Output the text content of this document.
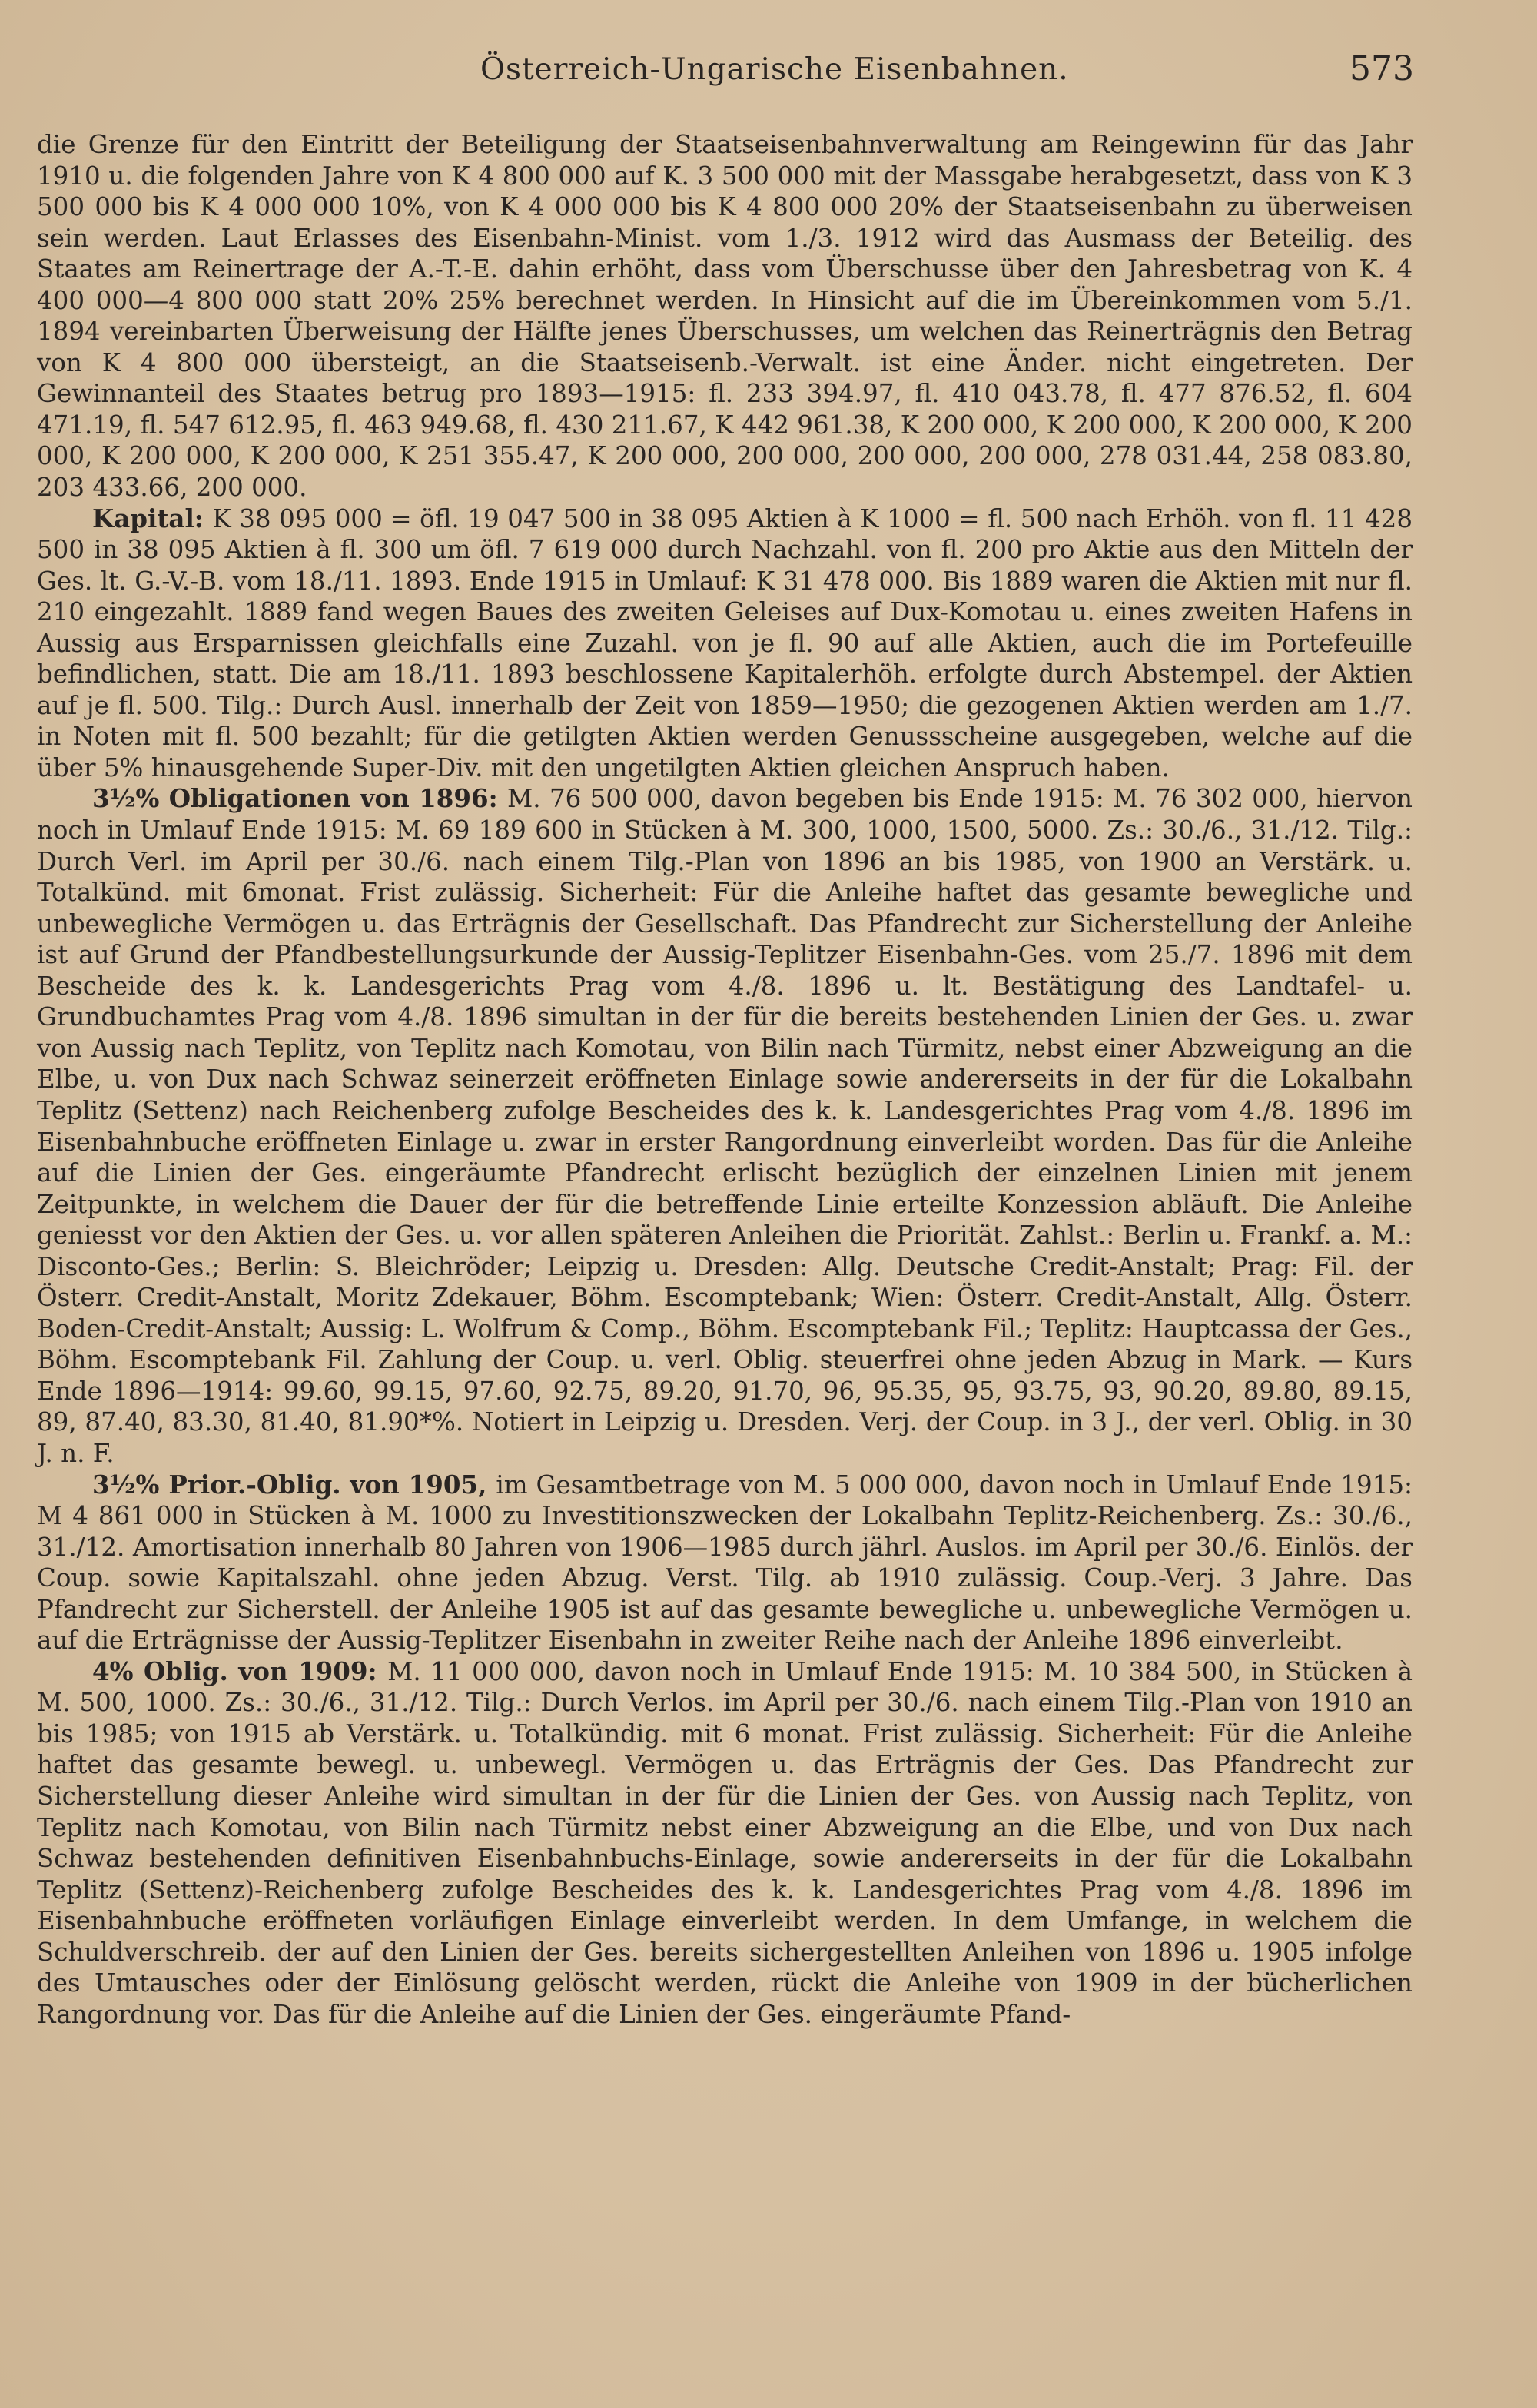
Österreich-Ungarische Eisenbahnen.	573

die Grenze für den Eintritt der Beteiligung der Staatseisenbahnverwaltung am Reingewinn für das Jahr 1910 u. die folgenden Jahre von K 4 800 000 auf K. 3 500 000 mit der Massgabe herabgesetzt, dass von K 3 500 000 bis K 4 000 000 10%, von K 4 000 000 bis K 4 800 000 20% der Staatseisenbahn zu überweisen sein werden. Laut Erlasses des Eisenbahn-Minist. vom 1./3. 1912 wird das Ausmass der Beteilig. des Staates am Reinertrage der A.-T.-E. dahin erhöht, dass vom Überschusse über den Jahresbetrag von K. 4 400 000—4 800 000 statt 20% 25% berechnet werden. In Hinsicht auf die im Übereinkommen vom 5./1. 1894 vereinbarten Überweisung der Hälfte jenes Überschusses, um welchen das Reinerträgnis den Betrag von K 4 800 000 übersteigt, an die Staatseisenb.-Verwalt. ist eine Änder. nicht eingetreten. Der Gewinnanteil des Staates betrug pro 1893—1915: fl. 233 394.97, fl. 410 043.78, fl. 477 876.52, fl. 604 471.19, fl. 547 612.95, fl. 463 949.68, fl. 430 211.67, K 442 961.38, K 200 000, K 200 000, K 200 000, K 200 000, K 200 000, K 200 000, K 251 355.47, K 200 000, 200 000, 200 000, 200 000, 278 031.44, 258 083.80, 203 433.66, 200 000.

Kapital: K 38 095 000 = öfl. 19 047 500 in 38 095 Aktien à K 1000 = fl. 500 nach Erhöh. von fl. 11 428 500 in 38 095 Aktien à fl. 300 um öfl. 7 619 000 durch Nachzahl. von fl. 200 pro Aktie aus den Mitteln der Ges. lt. G.-V.-B. vom 18./11. 1893. Ende 1915 in Umlauf: K 31 478 000. Bis 1889 waren die Aktien mit nur fl. 210 eingezahlt. 1889 fand wegen Baues des zweiten Geleises auf Dux-Komotau u. eines zweiten Hafens in Aussig aus Ersparnissen gleichfalls eine Zuzahl. von je fl. 90 auf alle Aktien, auch die im Portefeuille befindlichen, statt. Die am 18./11. 1893 beschlossene Kapitalerhöh. erfolgte durch Abstempel. der Aktien auf je fl. 500. Tilg.: Durch Ausl. innerhalb der Zeit von 1859—1950; die gezogenen Aktien werden am 1./7. in Noten mit fl. 500 bezahlt; für die getilgten Aktien werden Genussscheine ausgegeben, welche auf die über 5% hinausgehende Super-Div. mit den ungetilgten Aktien gleichen Anspruch haben.

3½% Obligationen von 1896: M. 76 500 000, davon begeben bis Ende 1915: M. 76 302 000, hiervon noch in Umlauf Ende 1915: M. 69 189 600 in Stücken à M. 300, 1000, 1500, 5000. Zs.: 30./6., 31./12. Tilg.: Durch Verl. im April per 30./6. nach einem Tilg.-Plan von 1896 an bis 1985, von 1900 an Verstärk. u. Totalkünd. mit 6monat. Frist zulässig. Sicherheit: Für die Anleihe haftet das gesamte bewegliche und unbewegliche Vermögen u. das Erträgnis der Gesellschaft. Das Pfandrecht zur Sicherstellung der Anleihe ist auf Grund der Pfandbestellungsurkunde der Aussig-Teplitzer Eisenbahn-Ges. vom 25./7. 1896 mit dem Bescheide des k. k. Landesgerichts Prag vom 4./8. 1896 u. lt. Bestätigung des Landtafel- u. Grundbuchamtes Prag vom 4./8. 1896 simultan in der für die bereits bestehenden Linien der Ges. u. zwar von Aussig nach Teplitz, von Teplitz nach Komotau, von Bilin nach Türmitz, nebst einer Abzweigung an die Elbe, u. von Dux nach Schwaz seinerzeit eröffneten Einlage sowie andererseits in der für die Lokalbahn Teplitz (Settenz) nach Reichenberg zufolge Bescheides des k. k. Landesgerichtes Prag vom 4./8. 1896 im Eisenbahnbuche eröffneten Einlage u. zwar in erster Rangordnung einverleibt worden. Das für die Anleihe auf die Linien der Ges. eingeräumte Pfandrecht erlischt bezüglich der einzelnen Linien mit jenem Zeitpunkte, in welchem die Dauer der für die betreffende Linie erteilte Konzession abläuft. Die Anleihe geniesst vor den Aktien der Ges. u. vor allen späteren Anleihen die Priorität. Zahlst.: Berlin u. Frankf. a. M.: Disconto-Ges.; Berlin: S. Bleichröder; Leipzig u. Dresden: Allg. Deutsche Credit-Anstalt; Prag: Fil. der Österr. Credit-Anstalt, Moritz Zdekauer, Böhm. Escomptebank; Wien: Österr. Credit-Anstalt, Allg. Österr. Boden-Credit-Anstalt; Aussig: L. Wolfrum & Comp., Böhm. Escomptebank Fil.; Teplitz: Hauptcassa der Ges., Böhm. Escomptebank Fil. Zahlung der Coup. u. verl. Oblig. steuerfrei ohne jeden Abzug in Mark. — Kurs Ende 1896—1914: 99.60, 99.15, 97.60, 92.75, 89.20, 91.70, 96, 95.35, 95, 93.75, 93, 90.20, 89.80, 89.15, 89, 87.40, 83.30, 81.40, 81.90*%. Notiert in Leipzig u. Dresden. Verj. der Coup. in 3 J., der verl. Oblig. in 30 J. n. F.

3½% Prior.-Oblig. von 1905, im Gesamtbetrage von M. 5 000 000, davon noch in Umlauf Ende 1915: M 4 861 000 in Stücken à M. 1000 zu Investitionszwecken der Lokalbahn Teplitz-Reichenberg. Zs.: 30./6., 31./12. Amortisation innerhalb 80 Jahren von 1906—1985 durch jährl. Auslos. im April per 30./6. Einlös. der Coup. sowie Kapitalszahl. ohne jeden Abzug. Verst. Tilg. ab 1910 zulässig. Coup.-Verj. 3 Jahre. Das Pfandrecht zur Sicherstell. der Anleihe 1905 ist auf das gesamte bewegliche u. unbewegliche Vermögen u. auf die Erträgnisse der Aussig-Teplitzer Eisenbahn in zweiter Reihe nach der Anleihe 1896 einverleibt.

4% Oblig. von 1909: M. 11 000 000, davon noch in Umlauf Ende 1915: M. 10 384 500, in Stücken à M. 500, 1000. Zs.: 30./6., 31./12. Tilg.: Durch Verlos. im April per 30./6. nach einem Tilg.-Plan von 1910 an bis 1985; von 1915 ab Verstärk. u. Totalkündig. mit 6 monat. Frist zulässig. Sicherheit: Für die Anleihe haftet das gesamte bewegl. u. unbewegl. Vermögen u. das Erträgnis der Ges. Das Pfandrecht zur Sicherstellung dieser Anleihe wird simultan in der für die Linien der Ges. von Aussig nach Teplitz, von Teplitz nach Komotau, von Bilin nach Türmitz nebst einer Abzweigung an die Elbe, und von Dux nach Schwaz bestehenden definitiven Eisenbahnbuchs-Einlage, sowie andererseits in der für die Lokalbahn Teplitz (Settenz)-Reichenberg zufolge Bescheides des k. k. Landesgerichtes Prag vom 4./8. 1896 im Eisenbahnbuche eröffneten vorläufigen Einlage einverleibt werden. In dem Umfange, in welchem die Schuldverschreib. der auf den Linien der Ges. bereits sichergestellten Anleihen von 1896 u. 1905 infolge des Umtausches oder der Einlösung gelöscht werden, rückt die Anleihe von 1909 in der bücherlichen Rangordnung vor. Das für die Anleihe auf die Linien der Ges. eingeräumte Pfand-
